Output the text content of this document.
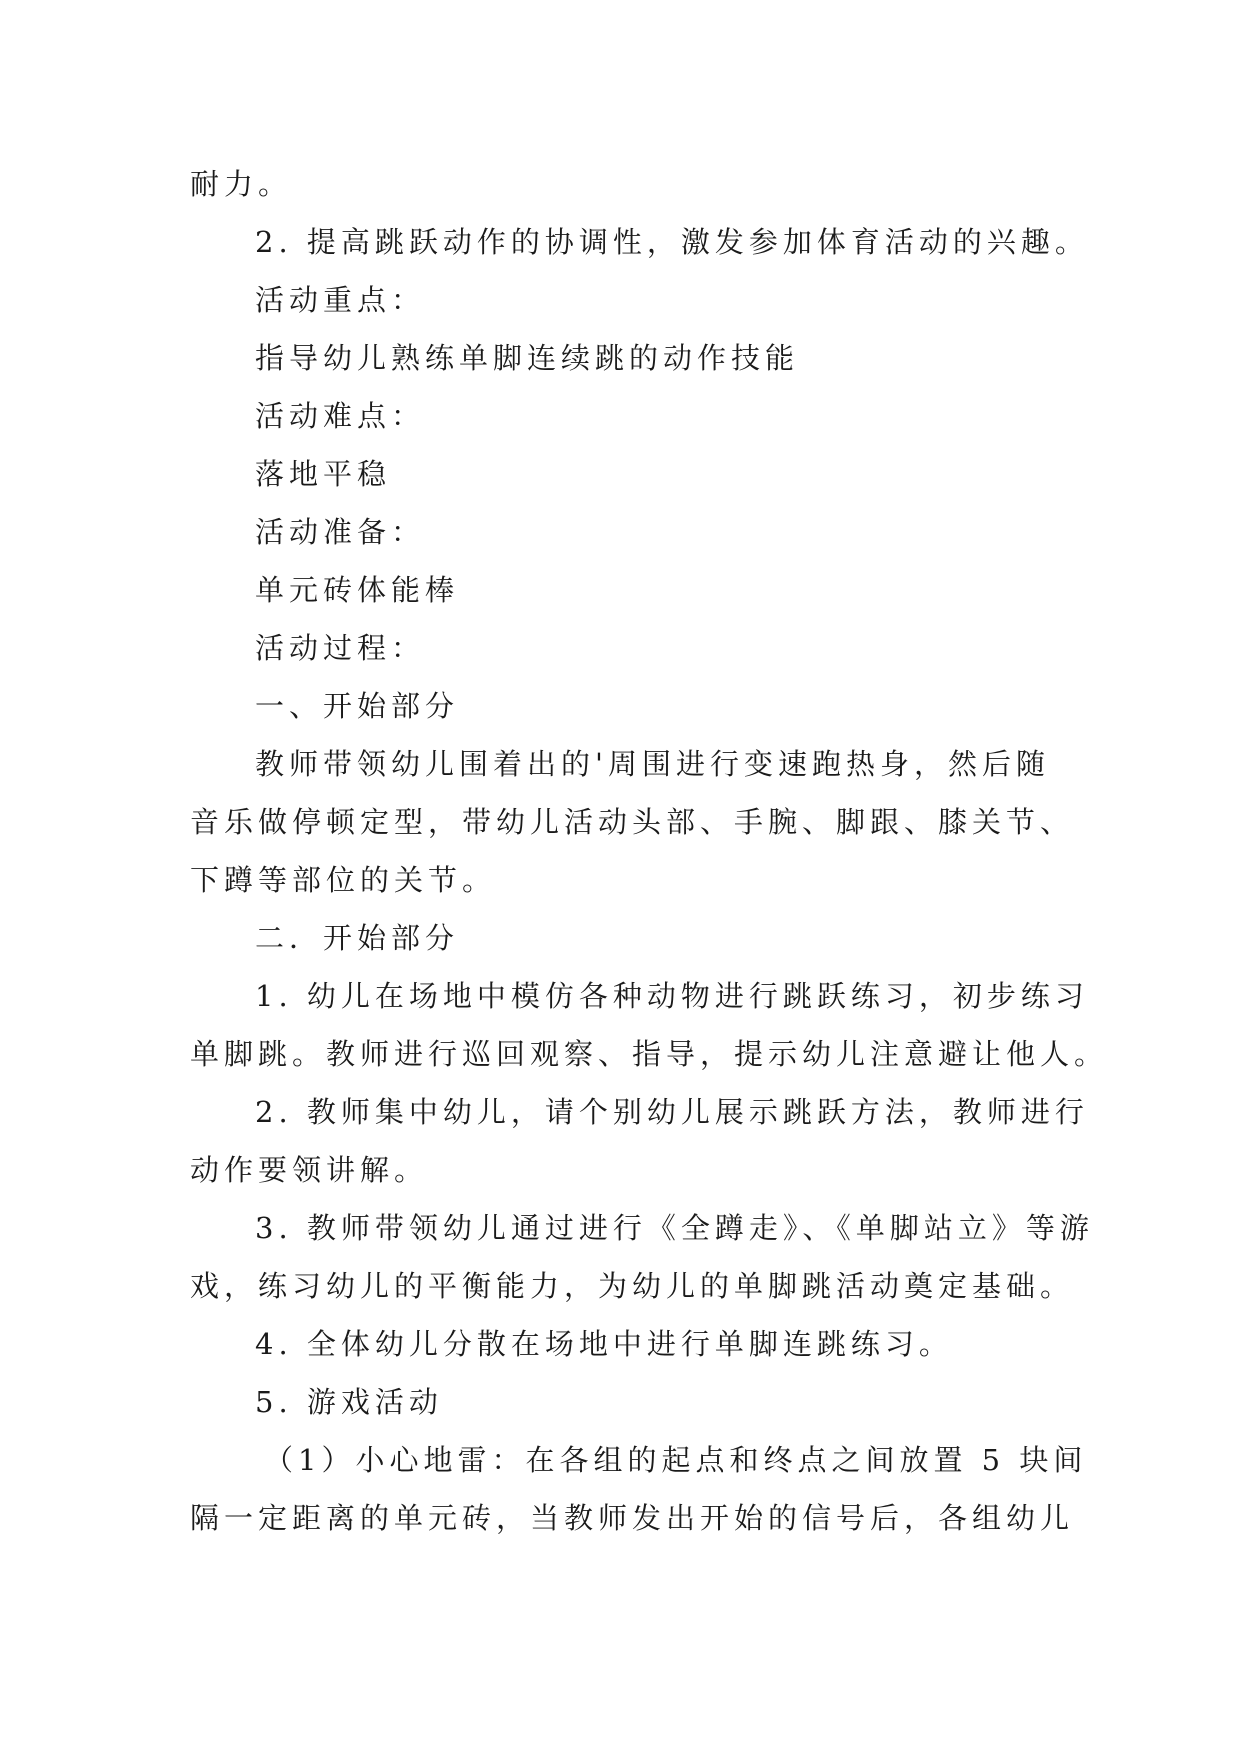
耐力。
2. 提高跳跃动作的协调性，激发参加体育活动的兴趣。
活动重点：
指导幼儿熟练单脚连续跳的动作技能
活动难点：
落地平稳
活动准备：
单元砖体能棒
活动过程：
一、开始部分
教师带领幼儿围着出的'周围进行变速跑热身，然后随
音乐做停顿定型，带幼儿活动头部、手腕、脚跟、膝关节、
下蹲等部位的关节。
二．开始部分
1. 幼儿在场地中模仿各种动物进行跳跃练习，初步练习
单脚跳。教师进行巡回观察、指导，提示幼儿注意避让他人。
2. 教师集中幼儿，请个别幼儿展示跳跃方法，教师进行
动作要领讲解。
3. 教师带领幼儿通过进行《全蹲走》、《单脚站立》等游
戏，练习幼儿的平衡能力，为幼儿的单脚跳活动奠定基础。
4. 全体幼儿分散在场地中进行单脚连跳练习。
5. 游戏活动
（1）小心地雷：在各组的起点和终点之间放置 5 块间
隔一定距离的单元砖，当教师发出开始的信号后，各组幼儿
